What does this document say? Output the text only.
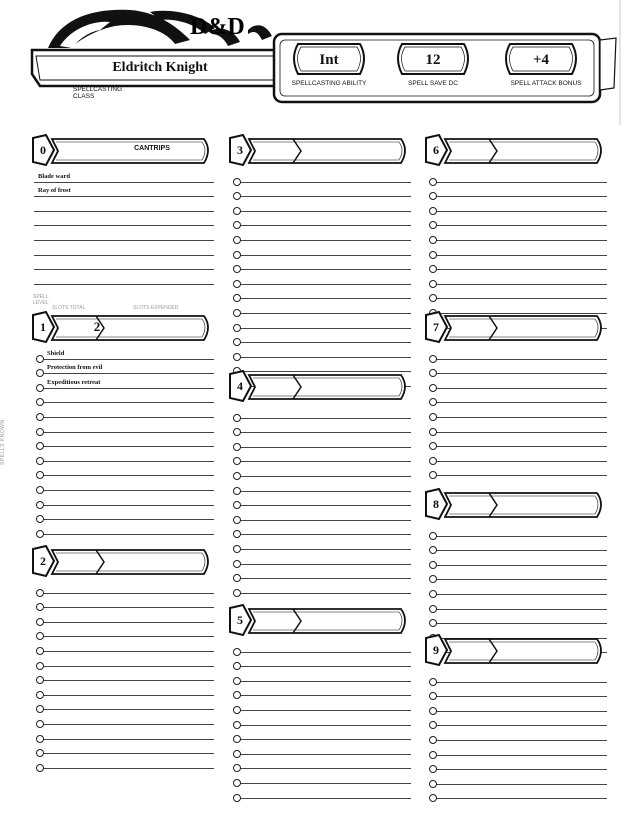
D&D
Eldritch Knight
SPELLCASTING CLASS
Int
SPELLCASTING ABILITY
12
SPELL SAVE DC
+4
SPELL ATTACK BONUS
SPELL LEVEL
SLOTS TOTAL	SLOTS EXPENDED
SPELLS KNOWN
0	CANTRIPS
Blade ward
Ray of frost
1	2
Shield
Protection from evil
Expeditious retreat
2
3
4
5
6
7
8
9
